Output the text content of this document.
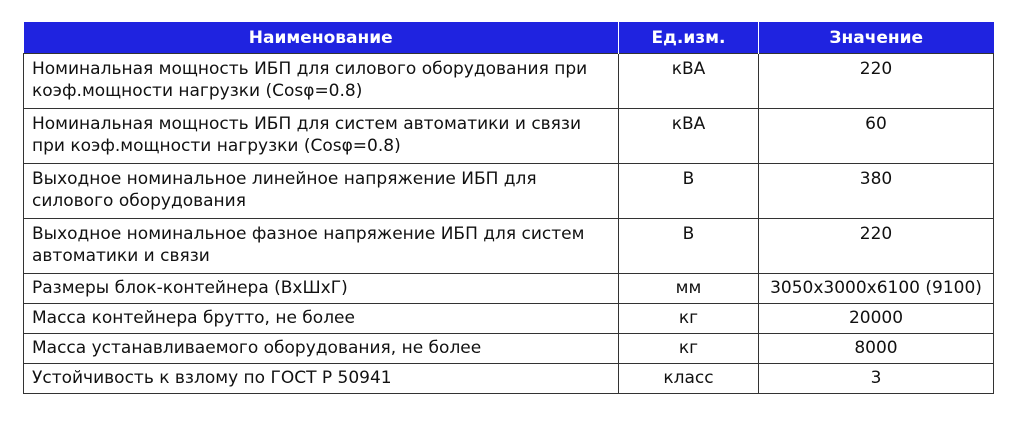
Наименование	Ед.изм.	Значение
Номинальная мощность ИБП для силового оборудования при коэф.мощности нагрузки (Cosφ=0.8)	кВА	220
Номинальная мощность ИБП для систем автоматики и связи при коэф.мощности нагрузки (Cosφ=0.8)	кВА	60
Выходное номинальное линейное напряжение ИБП для силового оборудования	В	380
Выходное номинальное фазное напряжение ИБП для систем автоматики и связи	В	220
Размеры блок-контейнера (ВхШхГ)	мм	3050x3000x6100 (9100)
Масса контейнера брутто, не более	кг	20000
Масса устанавливаемого оборудования, не более	кг	8000
Устойчивость к взлому по ГОСТ Р 50941	класс	3
